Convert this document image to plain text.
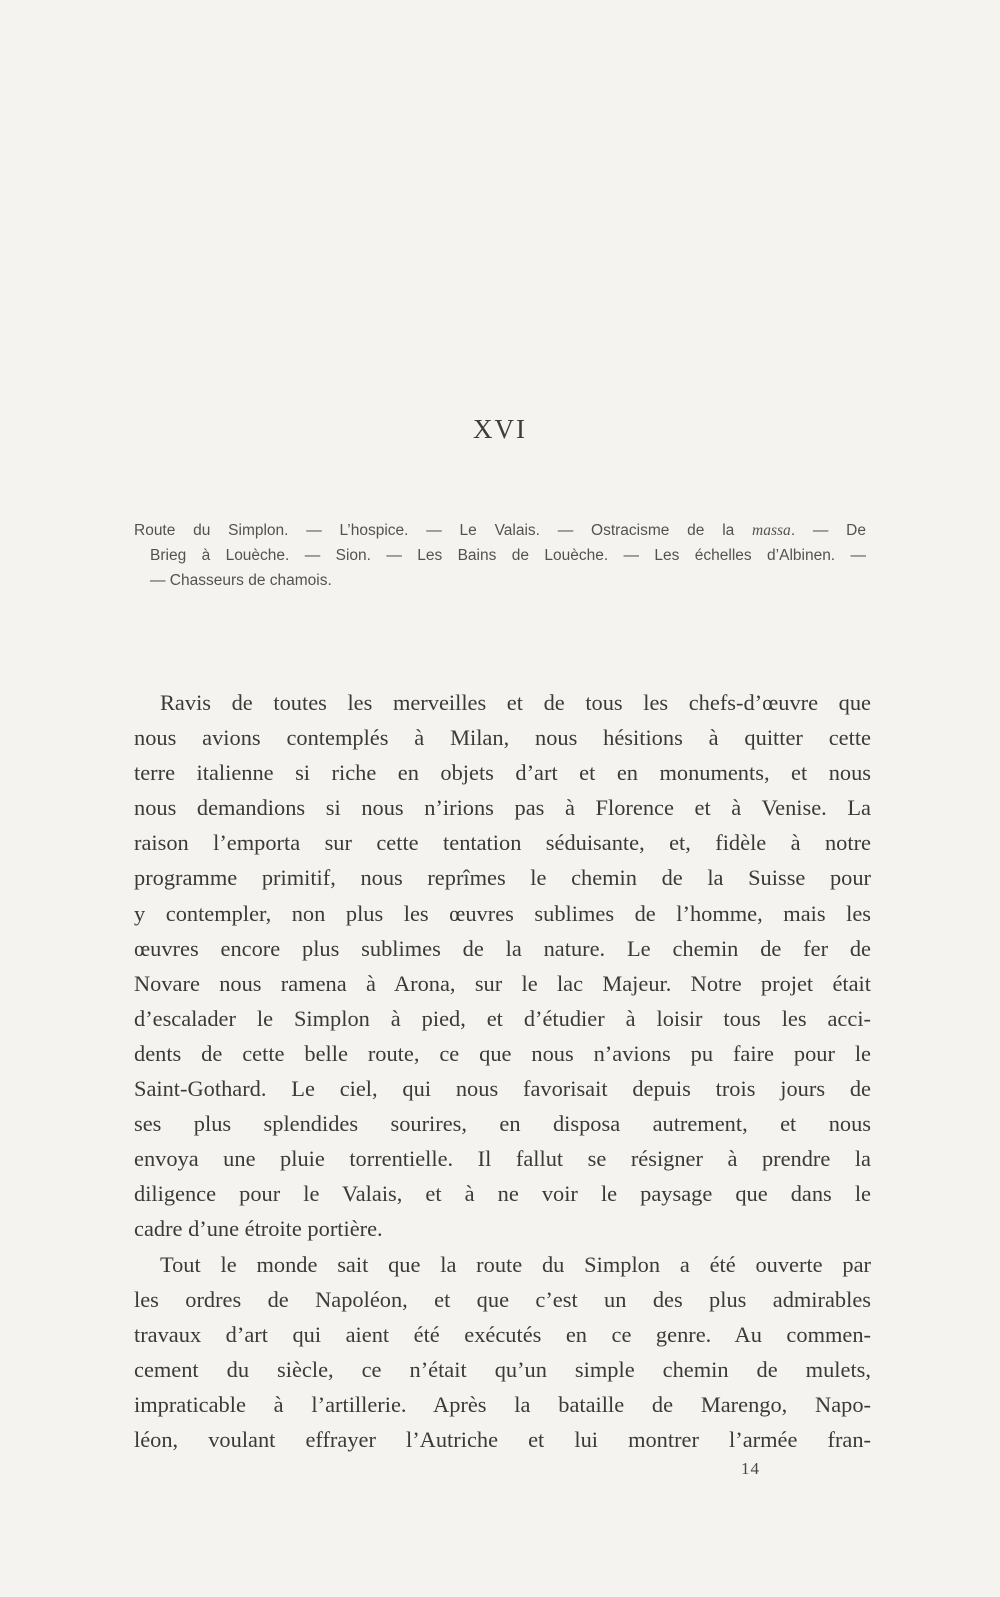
XVI
Route du Simplon. — L’hospice. — Le Valais. — Ostracisme de la massa. — De
Brieg à Louèche. — Sion. — Les Bains de Louèche. — Les échelles d’Albinen. —
— Chasseurs de chamois.
Ravis de toutes les merveilles et de tous les chefs-d’œuvre que
nous avions contemplés à Milan, nous hésitions à quitter cette
terre italienne si riche en objets d’art et en monuments, et nous
nous demandions si nous n’irions pas à Florence et à Venise. La
raison l’emporta sur cette tentation séduisante, et, fidèle à notre
programme primitif, nous reprîmes le chemin de la Suisse pour
y contempler, non plus les œuvres sublimes de l’homme, mais les
œuvres encore plus sublimes de la nature. Le chemin de fer de
Novare nous ramena à Arona, sur le lac Majeur. Notre projet était
d’escalader le Simplon à pied, et d’étudier à loisir tous les acci-
dents de cette belle route, ce que nous n’avions pu faire pour le
Saint-Gothard. Le ciel, qui nous favorisait depuis trois jours de
ses plus splendides sourires, en disposa autrement, et nous
envoya une pluie torrentielle. Il fallut se résigner à prendre la
diligence pour le Valais, et à ne voir le paysage que dans le
cadre d’une étroite portière.
Tout le monde sait que la route du Simplon a été ouverte par
les ordres de Napoléon, et que c’est un des plus admirables
travaux d’art qui aient été exécutés en ce genre. Au commen-
cement du siècle, ce n’était qu’un simple chemin de mulets,
impraticable à l’artillerie. Après la bataille de Marengo, Napo-
léon, voulant effrayer l’Autriche et lui montrer l’armée fran-
14
